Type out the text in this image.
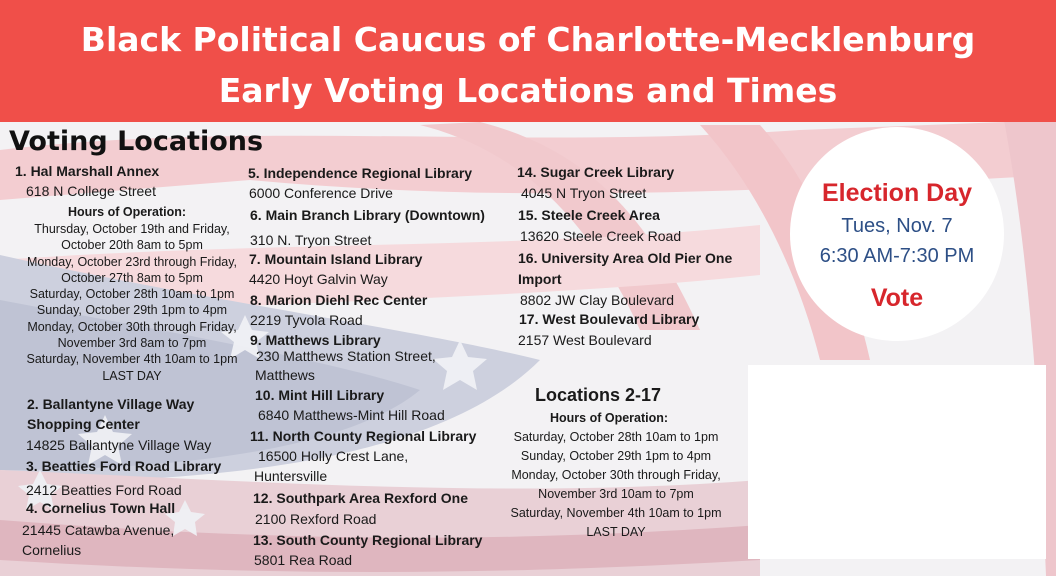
Black Political Caucus of Charlotte-Mecklenburg
Early Voting Locations and Times
Voting Locations
1. Hal Marshall Annex
618 N College Street
Hours of Operation:
Thursday, October 19th and Friday,
October 20th 8am to 5pm
Monday, October 23rd through Friday,
October 27th 8am to 5pm
Saturday, October 28th 10am to 1pm
Sunday, October 29th 1pm to 4pm
Monday, October 30th through Friday,
November 3rd 8am to 7pm
Saturday, November 4th 10am to 1pm
LAST DAY
2. Ballantyne Village Way
Shopping Center
14825 Ballantyne Village Way
3. Beatties Ford Road Library
2412 Beatties Ford Road
4. Cornelius Town Hall
21445 Catawba Avenue,
Cornelius
5. Independence Regional Library
6000 Conference Drive
6. Main Branch Library (Downtown)
310 N. Tryon Street
7. Mountain Island Library
4420 Hoyt Galvin Way
8. Marion Diehl Rec Center
2219 Tyvola Road
9. Matthews Library
230 Matthews Station Street,
Matthews
10. Mint Hill Library
6840 Matthews-Mint Hill Road
11. North County Regional Library
16500 Holly Crest Lane,
Huntersville
12. Southpark Area Rexford One
2100 Rexford Road
13. South County Regional Library
5801 Rea Road
14. Sugar Creek Library
4045 N Tryon Street
15. Steele Creek Area
13620 Steele Creek Road
16. University Area Old Pier One
Import
8802 JW Clay Boulevard
17. West Boulevard Library
2157 West Boulevard
Locations 2-17
Hours of Operation:
Saturday, October 28th 10am to 1pm
Sunday, October 29th 1pm to 4pm
Monday, October 30th through Friday,
November 3rd 10am to 7pm
Saturday, November 4th 10am to 1pm
LAST DAY
Election Day
Tues, Nov. 7
6:30 AM-7:30 PM
Vote
